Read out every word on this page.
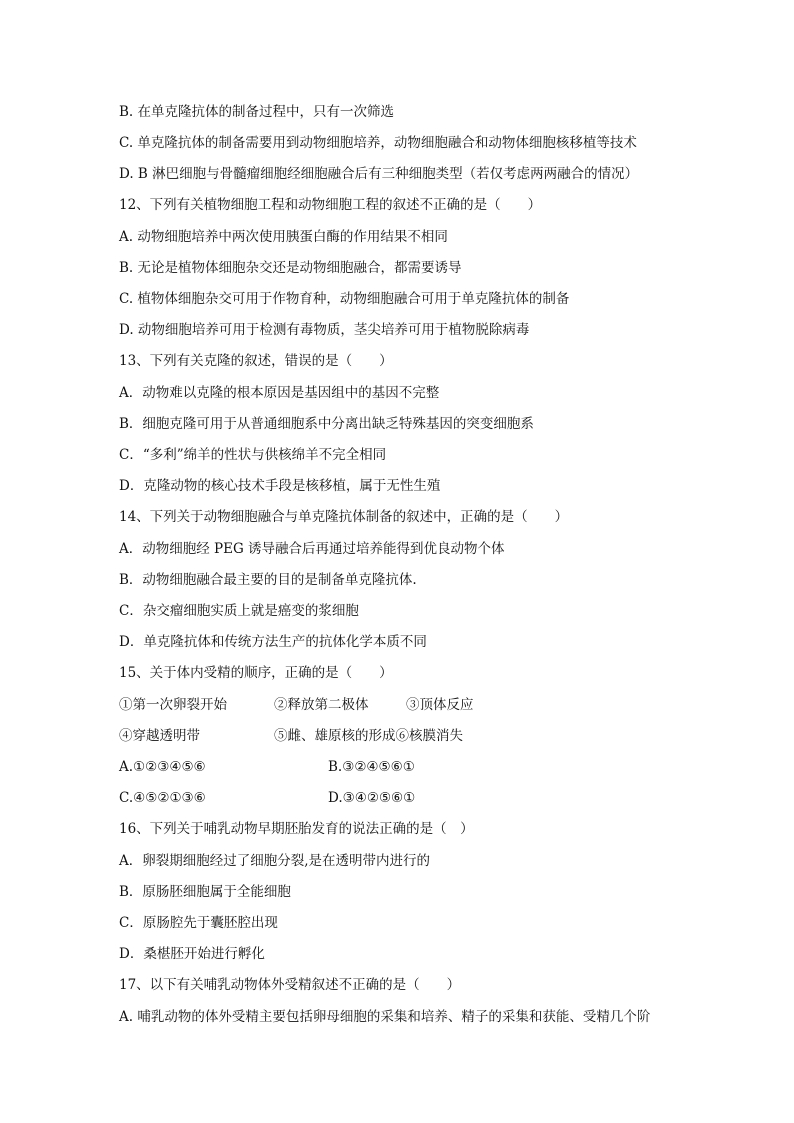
B. 在单克隆抗体的制备过程中，只有一次筛选
C. 单克隆抗体的制备需要用到动物细胞培养，动物细胞融合和动物体细胞核移植等技术
D. B 淋巴细胞与骨髓瘤细胞经细胞融合后有三种细胞类型（若仅考虑两两融合的情况）
12、下列有关植物细胞工程和动物细胞工程的叙述不正确的是（　　）
A. 动物细胞培养中两次使用胰蛋白酶的作用结果不相同
B. 无论是植物体细胞杂交还是动物细胞融合，都需要诱导
C. 植物体细胞杂交可用于作物育种，动物细胞融合可用于单克隆抗体的制备
D. 动物细胞培养可用于检测有毒物质，茎尖培养可用于植物脱除病毒
13、下列有关克隆的叙述，错误的是（　　）
A．动物难以克隆的根本原因是基因组中的基因不完整
B．细胞克隆可用于从普通细胞系中分离出缺乏特殊基因的突变细胞系
C．“多利”绵羊的性状与供核绵羊不完全相同
D．克隆动物的核心技术手段是核移植，属于无性生殖
14、下列关于动物细胞融合与单克隆抗体制备的叙述中，正确的是（　　）
A．动物细胞经 PEG 诱导融合后再通过培养能得到优良动物个体
B．动物细胞融合最主要的目的是制备单克隆抗体.
C．杂交瘤细胞实质上就是癌变的浆细胞
D．单克隆抗体和传统方法生产的抗体化学本质不同
15、关于体内受精的顺序，正确的是（　　）
①第一次卵裂开始	②释放第二极体	③顶体反应
④穿越透明带	⑤雌、雄原核的形成⑥核膜消失
A.①②③④⑤⑥	B.③②④⑤⑥①
C.④⑤②①③⑥	D.③④②⑤⑥①
16、下列关于哺乳动物早期胚胎发育的说法正确的是（　）
A．卵裂期细胞经过了细胞分裂,是在透明带内进行的
B．原肠胚细胞属于全能细胞
C．原肠腔先于囊胚腔出现
D．桑椹胚开始进行孵化
17、以下有关哺乳动物体外受精叙述不正确的是（　　）
A. 哺乳动物的体外受精主要包括卵母细胞的采集和培养、精子的采集和获能、受精几个阶
